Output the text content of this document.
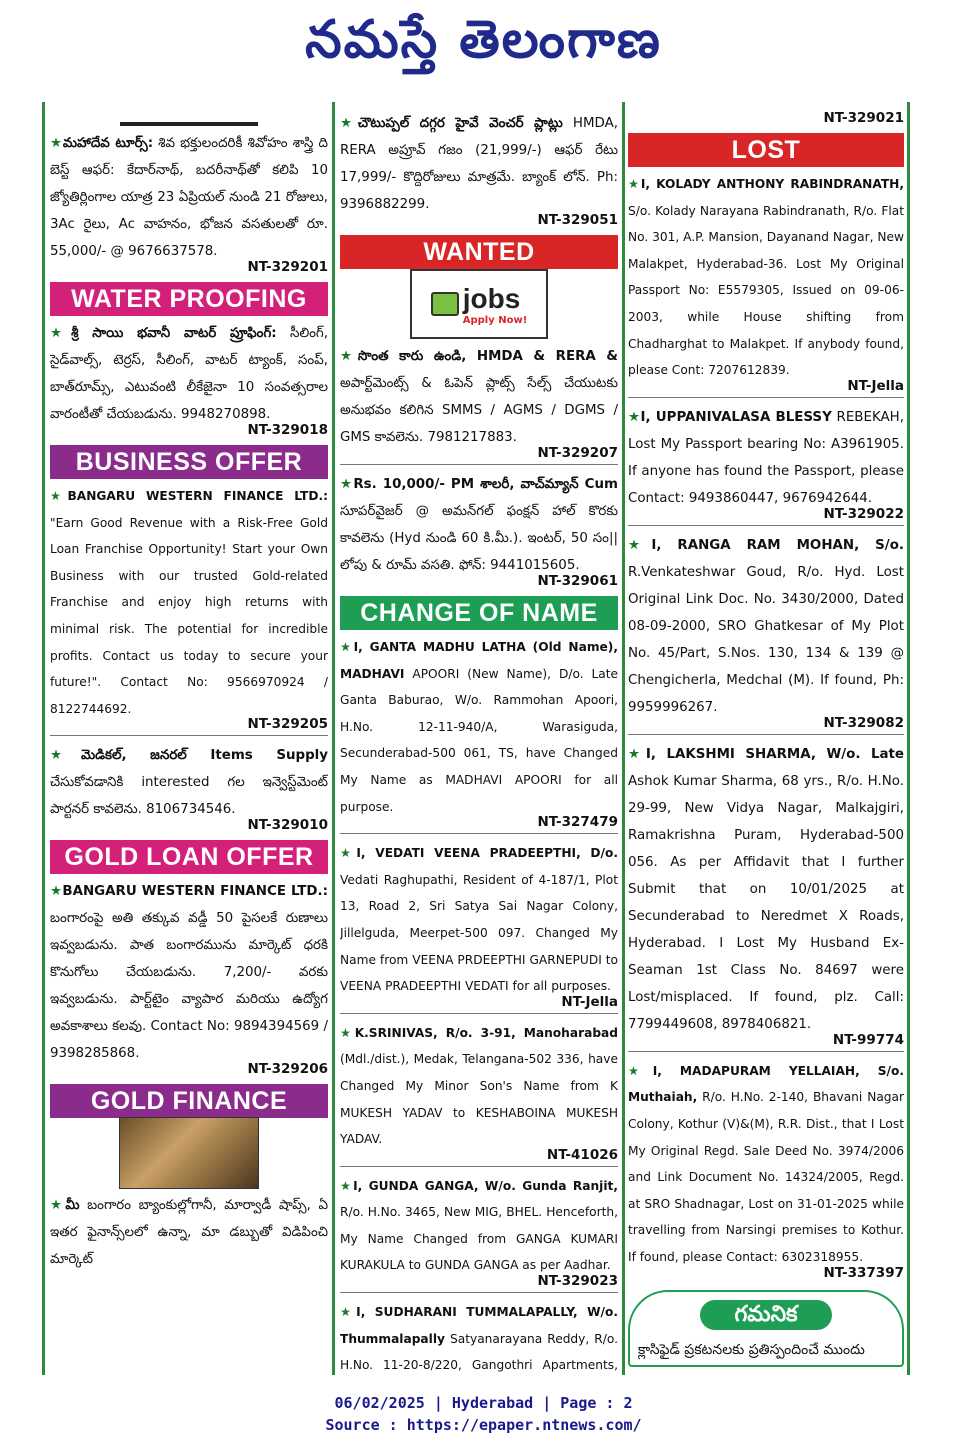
నమస్తే తెలంగాణ

★మహాదేవ టూర్స్: శివ భక్తులందరికీ శివోహం శాస్త్రి ది బెస్ట్ ఆఫర్: కేదార్‌నాథ్, బదరీనాథ్‌తో కలిపి 10 జ్యోతిర్లింగాల యాత్ర 23 ఏప్రియల్ నుండి 21 రోజులు, 3Ac రైలు, Ac వాహనం, భోజన వసతులతో రూ. 55,000/- @ 9676637578.

NT-329201
WATER PROOFING

★శ్రీ సాయి భవానీ వాటర్ ప్రూఫింగ్: సీలింగ్, సైడ్‌వాల్స్, టెర్రస్, సీలింగ్, వాటర్ ట్యాంక్, సంప్, బాత్‌రూమ్స్, ఎటువంటి లీకేజైనా 10 సంవత్సరాల వారంటీతో చేయబడును. 9948270898.

NT-329018
BUSINESS OFFER

★BANGARU WESTERN FINANCE LTD.: "Earn Good Revenue with a Risk-Free Gold Loan Franchise Opportunity! Start your Own Business with our trusted Gold-related Franchise and enjoy high returns with minimal risk. The potential for incredible profits. Contact us today to secure your future!". Contact No: 9566970924 / 8122744692.

NT-329205

★మెడికల్, జనరల్ Items Supply చేసుకోవడానికి interested గల ఇన్వెస్ట్‌మెంట్ పార్టనర్ కావలెను. 8106734546.

NT-329010
GOLD LOAN OFFER

★BANGARU WESTERN FINANCE LTD.: బంగారంపై అతి తక్కువ వడ్డీ 50 పైసలకే రుణాలు ఇవ్వబడును. పాత బంగారమును మార్కెట్ ధరకి కొనుగోలు చేయబడును. 7,200/- వరకు ఇవ్వబడును. పార్ట్‌టైం వ్యాపార మరియు ఉద్యోగ అవకాశాలు కలవు. Contact No: 9894394569 / 9398285868.

NT-329206
GOLD FINANCE

★మీ బంగారం బ్యాంకుల్లోగానీ, మార్వాడీ షాప్స్, ఏ ఇతర ఫైనాన్స్‌లలో ఉన్నా, మా డబ్బుతో విడిపించి మార్కెట్

★చౌటుప్పల్ దగ్గర హైవే వెంచర్ ప్లాట్లు HMDA, RERA అప్రూవ్ గజం (21,999/-) ఆఫర్ రేటు 17,999/- కొద్దిరోజులు మాత్రమే. బ్యాంక్ లోన్. Ph: 9396882299.

NT-329051
WANTED
jobs
Apply Now!

★సొంత కారు ఉండి, HMDA & RERA & అపార్ట్‌మెంట్స్ & ఓపెన్ ప్లాట్స్ సేల్స్ చేయుటకు అనుభవం కలిగిన SMMS / AGMS / DGMS / GMS కావలెను. 7981217883.

NT-329207

★Rs. 10,000/- PM శాలరీ, వాచ్‌మ్యాన్ Cum సూపర్‌వైజర్ @ అమన్‌గల్ ఫంక్షన్ హాల్ కొరకు కావలెను (Hyd నుండి 60 కి.మీ.). ఇంటర్, 50 సం||లోపు & రూమ్ వసతి. ఫోన్: 9441015605.

NT-329061
CHANGE OF NAME

★I, GANTA MADHU LATHA (Old Name), MADHAVI APOORI (New Name), D/o. Late Ganta Baburao, W/o. Rammohan Apoori, H.No. 12-11-940/A, Warasiguda, Secunderabad-500 061, TS, have Changed My Name as MADHAVI APOORI for all purpose.

NT-327479

★I, VEDATI VEENA PRADEEPTHI, D/o. Vedati Raghupathi, Resident of 4-187/1, Plot 13, Road 2, Sri Satya Sai Nagar Colony, Jillelguda, Meerpet-500 097. Changed My Name from VEENA PRDEEPTHI GARNEPUDI to VEENA PRADEEPTHI VEDATI for all purposes.

NT-Jella

★K.SRINIVAS, R/o. 3-91, Manoharabad (Mdl./dist.), Medak, Telangana-502 336, have Changed My Minor Son's Name from K MUKESH YADAV to KESHABOINA MUKESH YADAV.

NT-41026

★I, GUNDA GANGA, W/o. Gunda Ranjit, R/o. H.No. 3465, New MIG, BHEL. Henceforth, My Name Changed from GANGA KUMARI KURAKULA to GUNDA GANGA as per Aadhar.

NT-329023

★I, SUDHARANI TUMMALAPALLY, W/o. Thummalapally Satyanarayana Reddy, R/o. H.No. 11-20-8/220, Gangothri Apartments,

NT-329021
LOST

★I, KOLADY ANTHONY RABINDRANATH, S/o. Kolady Narayana Rabindranath, R/o. Flat No. 301, A.P. Mansion, Dayanand Nagar, New Malakpet, Hyderabad-36. Lost My Original Passport No: E5579305, Issued on 09-06-2003, while House shifting from Chadharghat to Malakpet. If anybody found, please Cont: 7207612839.

NT-Jella

★I, UPPANIVALASA BLESSY REBEKAH, Lost My Passport bearing No: A3961905. If anyone has found the Passport, please Contact: 9493860447, 9676942644.

NT-329022

★I, RANGA RAM MOHAN, S/o. R.Venkateshwar Goud, R/o. Hyd. Lost Original Link Doc. No. 3430/2000, Dated 08-09-2000, SRO Ghatkesar of My Plot No. 45/Part, S.Nos. 130, 134 & 139 @ Chengicherla, Medchal (M). If found, Ph: 9959996267.

NT-329082

★I, LAKSHMI SHARMA, W/o. Late Ashok Kumar Sharma, 68 yrs., R/o. H.No. 29-99, New Vidya Nagar, Malkajgiri, Ramakrishna Puram, Hyderabad-500 056. As per Affidavit that I further Submit that on 10/01/2025 at Secunderabad to Neredmet X Roads, Hyderabad. I Lost My Husband Ex-Seaman 1st Class No. 84697 were Lost/misplaced. If found, plz. Call: 7799449608, 8978406821.

NT-99774

★I, MADAPURAM YELLAIAH, S/o. Muthaiah, R/o. H.No. 2-140, Bhavani Nagar Colony, Kothur (V)&(M), R.R. Dist., that I Lost My Original Regd. Sale Deed No. 3974/2006 and Link Document No. 14324/2005, Regd. at SRO Shadnagar, Lost on 31-01-2025 while travelling from Narsingi premises to Kothur. If found, please Contact: 6302318955.

NT-337397
గమనిక
క్లాసిఫైడ్ ప్రకటనలకు ప్రతిస్పందించే ముందు
06/02/2025 | Hyderabad | Page : 2
Source : https://epaper.ntnews.com/
